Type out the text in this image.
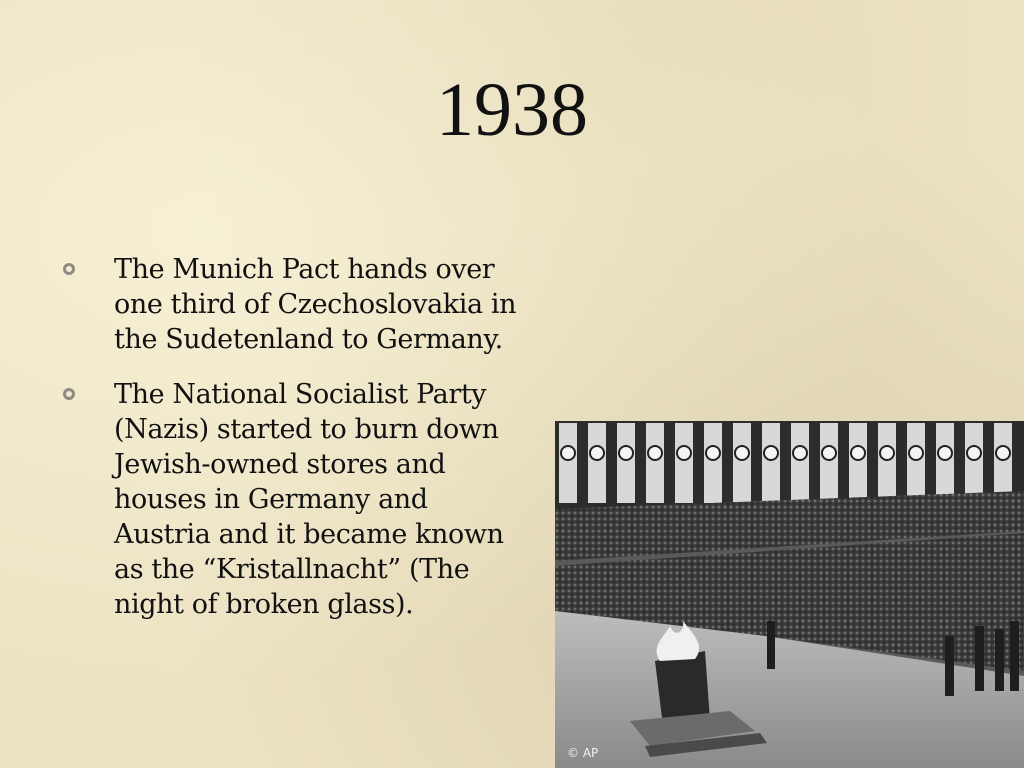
1938
The Munich Pact hands over one third of Czechoslovakia in the Sudetenland to Germany.
The National Socialist Party (Nazis) started to burn down Jewish-owned stores and houses in Germany and Austria and it became known as the “Kristallnacht” (The night of broken glass).
© AP
